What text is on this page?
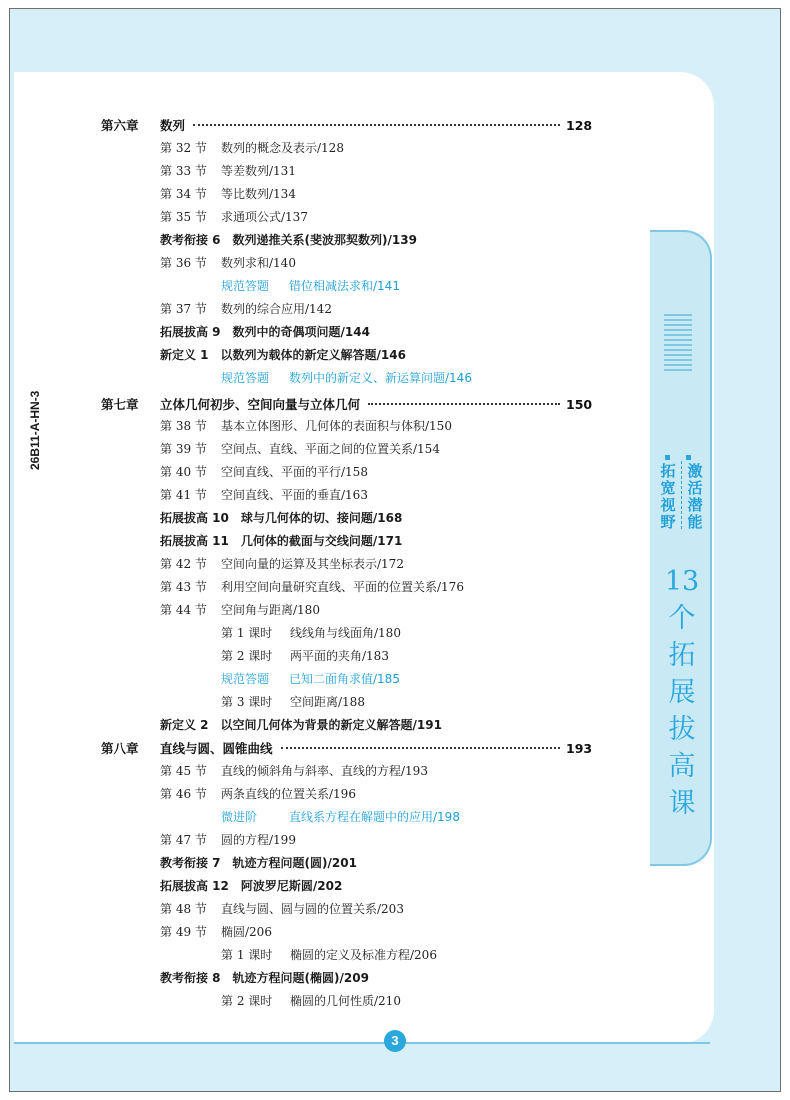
激活潜能
拓宽视野
13个拓展拔高课
26B11-A-HN-3
第六章 数列	128
第 32 节 数列的概念及表示/128
第 33 节 等差数列/131
第 34 节 等比数列/134
第 35 节 求通项公式/137
教考衔接 6　数列递推关系(斐波那契数列)/139
第 36 节 数列求和/140
规范答题 错位相减法求和/141
第 37 节 数列的综合应用/142
拓展拔高 9　数列中的奇偶项问题/144
新定义 1　以数列为载体的新定义解答题/146
规范答题 数列中的新定义、新运算问题/146
第七章 立体几何初步、空间向量与立体几何	150
第 38 节 基本立体图形、几何体的表面积与体积/150
第 39 节 空间点、直线、平面之间的位置关系/154
第 40 节 空间直线、平面的平行/158
第 41 节 空间直线、平面的垂直/163
拓展拔高 10　球与几何体的切、接问题/168
拓展拔高 11　几何体的截面与交线问题/171
第 42 节 空间向量的运算及其坐标表示/172
第 43 节 利用空间向量研究直线、平面的位置关系/176
第 44 节 空间角与距离/180
第 1 课时 线线角与线面角/180
第 2 课时 两平面的夹角/183
规范答题 已知二面角求值/185
第 3 课时 空间距离/188
新定义 2　以空间几何体为背景的新定义解答题/191
第八章 直线与圆、圆锥曲线	193
第 45 节 直线的倾斜角与斜率、直线的方程/193
第 46 节 两条直线的位置关系/196
微进阶	直线系方程在解题中的应用/198
第 47 节 圆的方程/199
教考衔接 7　轨迹方程问题(圆)/201
拓展拔高 12　阿波罗尼斯圆/202
第 48 节 直线与圆、圆与圆的位置关系/203
第 49 节 椭圆/206
第 1 课时 椭圆的定义及标准方程/206
教考衔接 8　轨迹方程问题(椭圆)/209
第 2 课时 椭圆的几何性质/210
3
